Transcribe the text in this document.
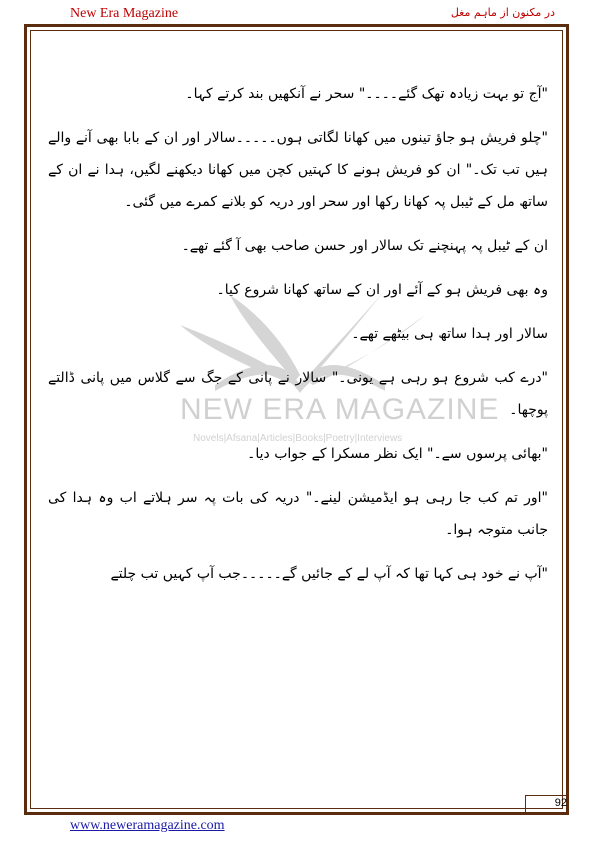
New Era Magazine	در مکنون از ماہم مغل
NEW ERA MAGAZINE
Novels|Afsana|Articles|Books|Poetry|Interviews

"آج تو بہت زیادہ تھک گئے۔۔۔۔" سحر نے آنکھیں بند کرتے کہا۔

"چلو فریش ہو جاؤ تینوں میں کھانا لگاتی ہوں۔۔۔۔۔سالار اور ان کے بابا بھی آنے والے ہیں تب تک۔" ان کو فریش ہونے کا کہتیں کچن میں کھانا دیکھنے لگیں، ہدا نے ان کے ساتھ مل کے ٹیبل پہ کھانا رکھا اور سحر اور دریہ کو بلانے کمرے میں گئی۔

ان کے ٹیبل پہ پہنچنے تک سالار اور حسن صاحب بھی آ گئے تھے۔

وہ بھی فریش ہو کے آئے اور ان کے ساتھ کھانا شروع کیا۔

سالار اور ہدا ساتھ ہی بیٹھے تھے۔

"درے کب شروع ہو رہی ہے یونی۔" سالار نے پانی کے جگ سے گلاس میں پانی ڈالتے پوچھا۔

"بھائی پرسوں سے۔" ایک نظر مسکرا کے جواب دیا۔

"اور تم کب جا رہی ہو ایڈمیشن لینے۔" دریہ کی بات پہ سر ہلاتے اب وہ ہدا کی جانب متوجہ ہوا۔

"آپ نے خود ہی کہا تھا کہ آپ لے کے جائیں گے۔۔۔۔۔جب آپ کہیں تب چلتے

92
www.neweramagazine.com
